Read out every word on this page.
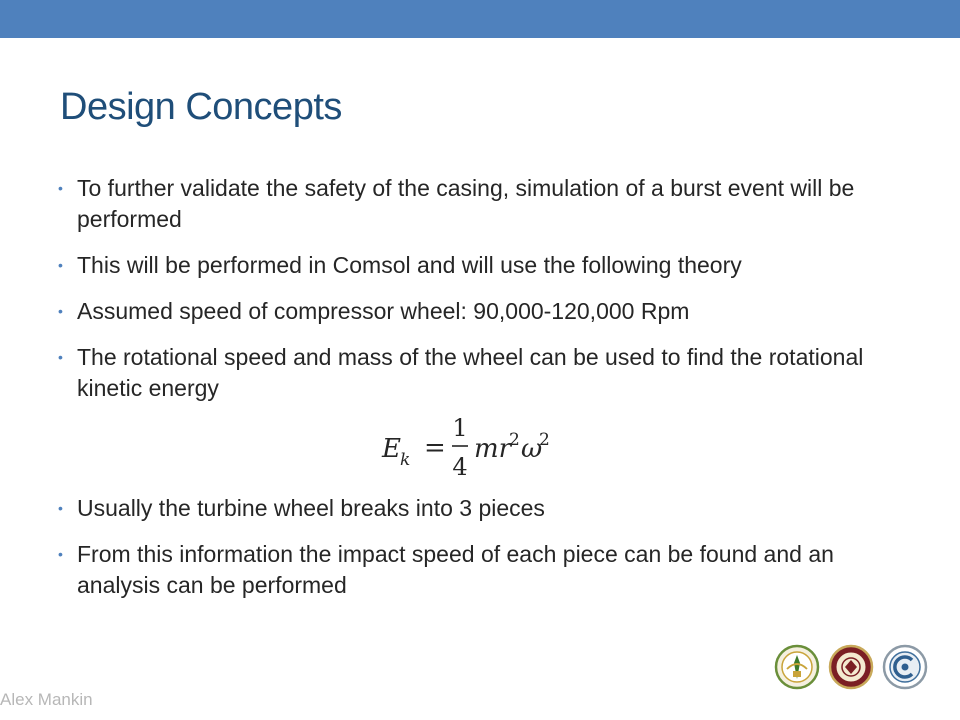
Design Concepts
• To further validate the safety of the casing, simulation of a burst event will be performed
• This will be performed in Comsol and will use the following theory
• Assumed speed of compressor wheel: 90,000-120,000 Rpm
• The rotational speed and mass of the wheel can be used to find the rotational kinetic energy
E k =
1
4
mr
2 ω
2
• Usually the turbine wheel breaks into 3 pieces
• From this information the impact speed of each piece can be found and an analysis can be performed
Alex Mankin
